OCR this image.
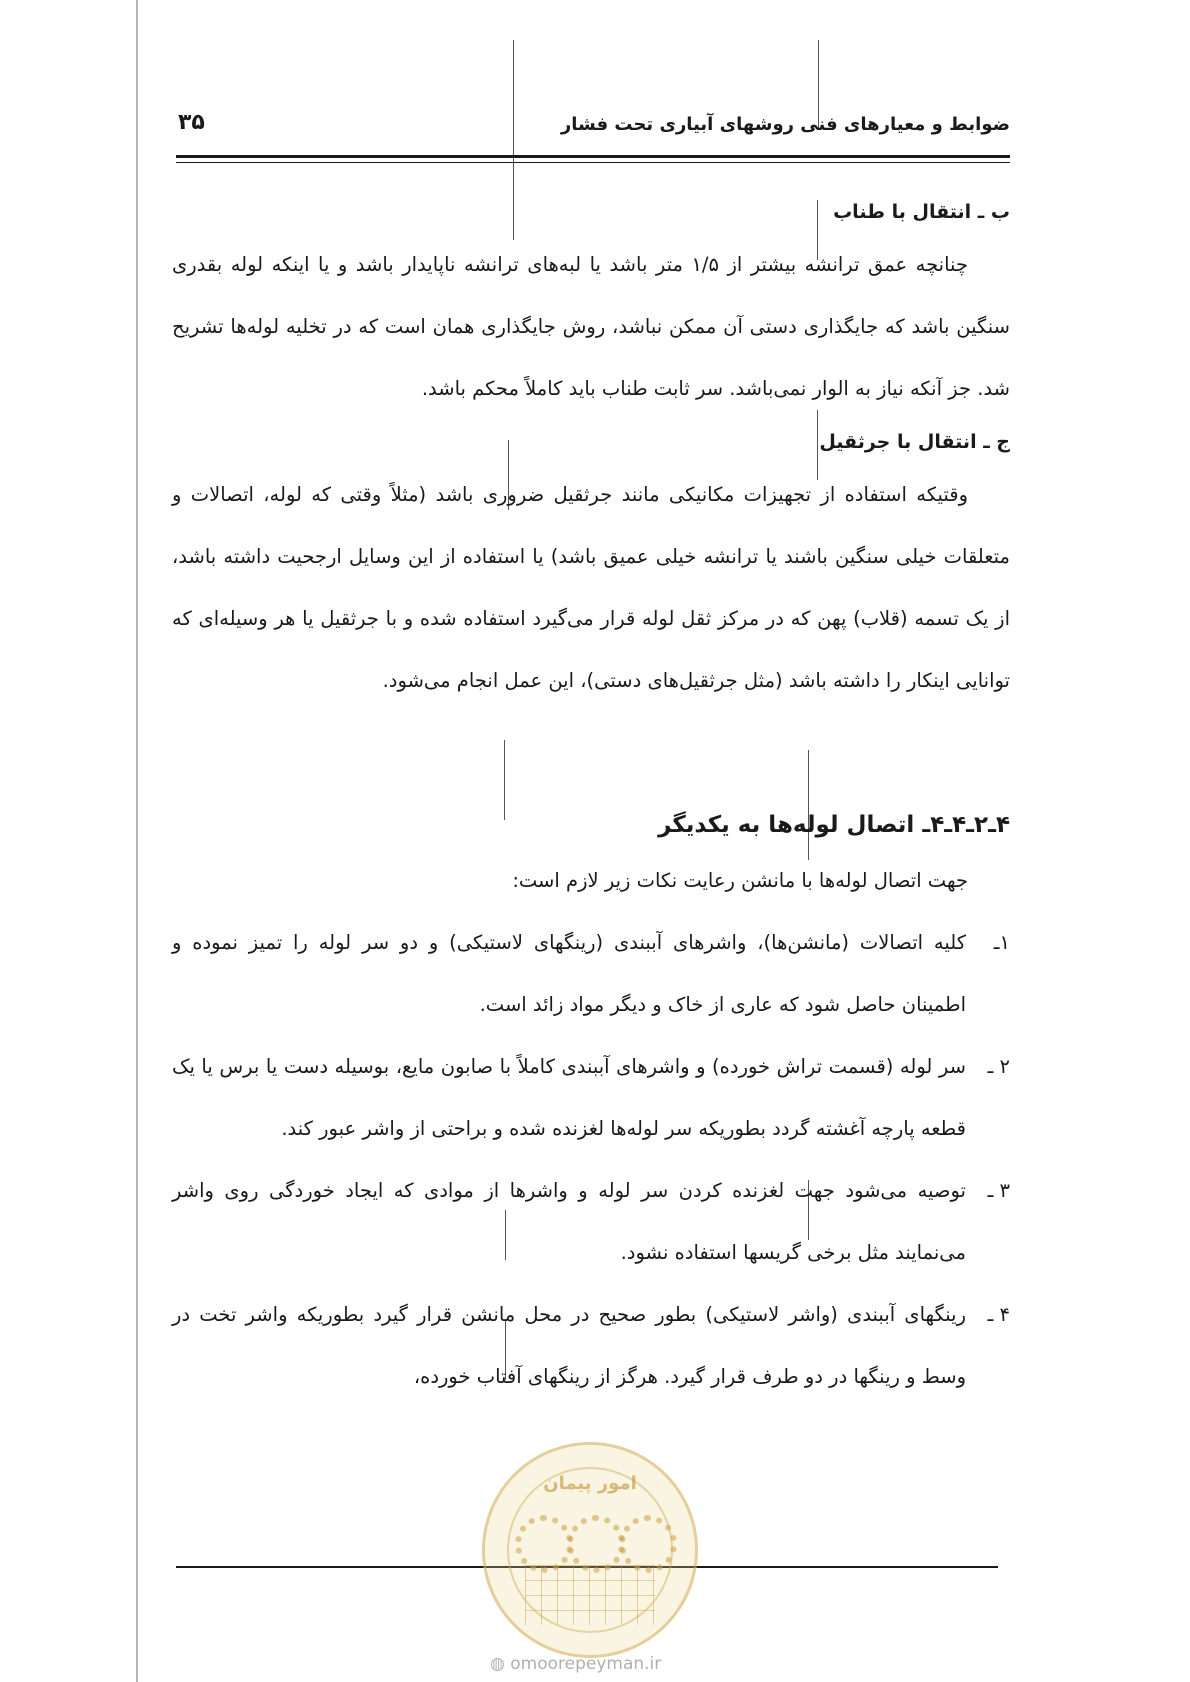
ضوابط و معیارهای فنی روشهای آبیاری تحت فشار
۳۵

ب ـ انتقال با طناب

چنانچه عمق ترانشه بیشتر از ۱/۵ متر باشد یا لبه‌های ترانشه ناپایدار باشد و یا اینکه لوله بقدری سنگین باشد که جایگذاری دستی آن ممکن نباشد، روش جایگذاری همان است که در تخلیه لوله‌ها تشریح شد. جز آنکه نیاز به الوار نمی‌باشد. سر ثابت طناب باید کاملاً محکم باشد.

ج ـ انتقال با جرثقیل

وقتیکه استفاده از تجهیزات مکانیکی مانند جرثقیل ضروری باشد (مثلاً وقتی که لوله، اتصالات و متعلقات خیلی سنگین باشند یا ترانشه خیلی عمیق باشد) یا استفاده از این وسایل ارجحیت داشته باشد، از یک تسمه (قلاب) پهن که در مرکز ثقل لوله قرار می‌گیرد استفاده شده و با جرثقیل یا هر وسیله‌ای که توانایی اینکار را داشته باشد (مثل جرثقیل‌های دستی)، این عمل انجام می‌شود.

۴ـ۲ـ۴ـ۴ـ اتصال لوله‌ها به یکدیگر

جهت اتصال لوله‌ها با مانشن رعایت نکات زیر لازم است:

۱ـ
کلیه اتصالات (مانشن‌ها)، واشرهای آببندی (رینگهای لاستیکی) و دو سر لوله را تمیز نموده و اطمینان حاصل شود که عاری از خاک و دیگر مواد زائد است.

۲ ـ
سر لوله (قسمت تراش خورده) و واشرهای آببندی کاملاً با صابون مایع، بوسیله دست یا برس یا یک قطعه پارچه آغشته گردد بطوریکه سر لوله‌ها لغزنده شده و براحتی از واشر عبور کند.

۳ ـ
توصیه می‌شود جهت لغزنده کردن سر لوله و واشرها از موادی که ایجاد خوردگی روی واشر می‌نمایند مثل برخی گریسها استفاده نشود.

۴ ـ
رینگهای آببندی (واشر لاستیکی) بطور صحیح در محل مانشن قرار گیرد بطوریکه واشر تخت در وسط و رینگها در دو طرف قرار گیرد. هرگز از رینگهای آفتاب خورده،

امور پیمان
◍ omoorepeyman.ir
